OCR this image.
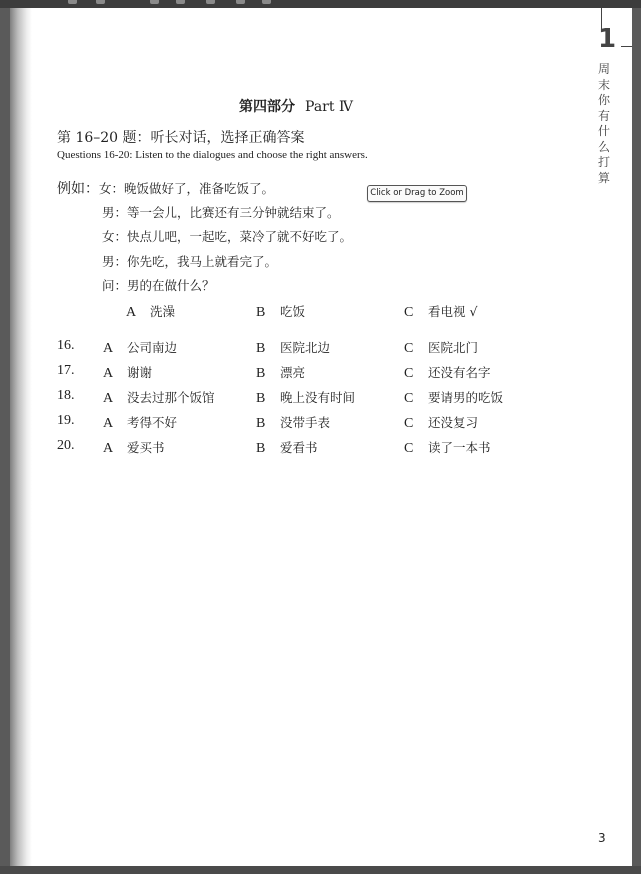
1
周末你有什么打算
第四部分 Part Ⅳ
第 16–20 题：听长对话，选择正确答案
Questions 16-20: Listen to the dialogues and choose the right answers.
例如：女：晚饭做好了，准备吃饭了。
男：等一会儿，比赛还有三分钟就结束了。
女：快点儿吧，一起吃，菜冷了就不好吃了。
男：你先吃，我马上就看完了。
问：男的在做什么？
Click or Drag to Zoom
A 洗澡	B 吃饭	C 看电视 √
16. A 公司南边	B 医院北边	C 医院北门
17. A 谢谢	B 漂亮	C 还没有名字
18. A 没去过那个饭馆	B 晚上没有时间	C 要请男的吃饭
19. A 考得不好	B 没带手表	C 还没复习
20. A 爱买书	B 爱看书	C 读了一本书
3
